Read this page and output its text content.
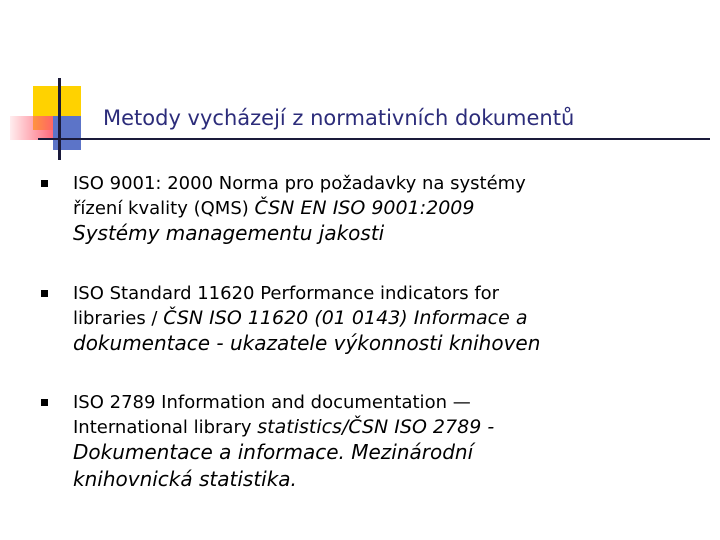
Metody vycházejí z normativních dokumentů
ISO 9001: 2000 Norma pro požadavky na systémy
řízení kvality (QMS) ČSN EN ISO 9001:2009
Systémy managementu jakosti
ISO Standard 11620 Performance indicators for
libraries / ČSN ISO 11620 (01 0143) Informace a
dokumentace - ukazatele výkonnosti knihoven
ISO 2789 Information and documentation —
International library statistics/ČSN ISO 2789 -
Dokumentace a informace. Mezinárodní
knihovnická statistika.
